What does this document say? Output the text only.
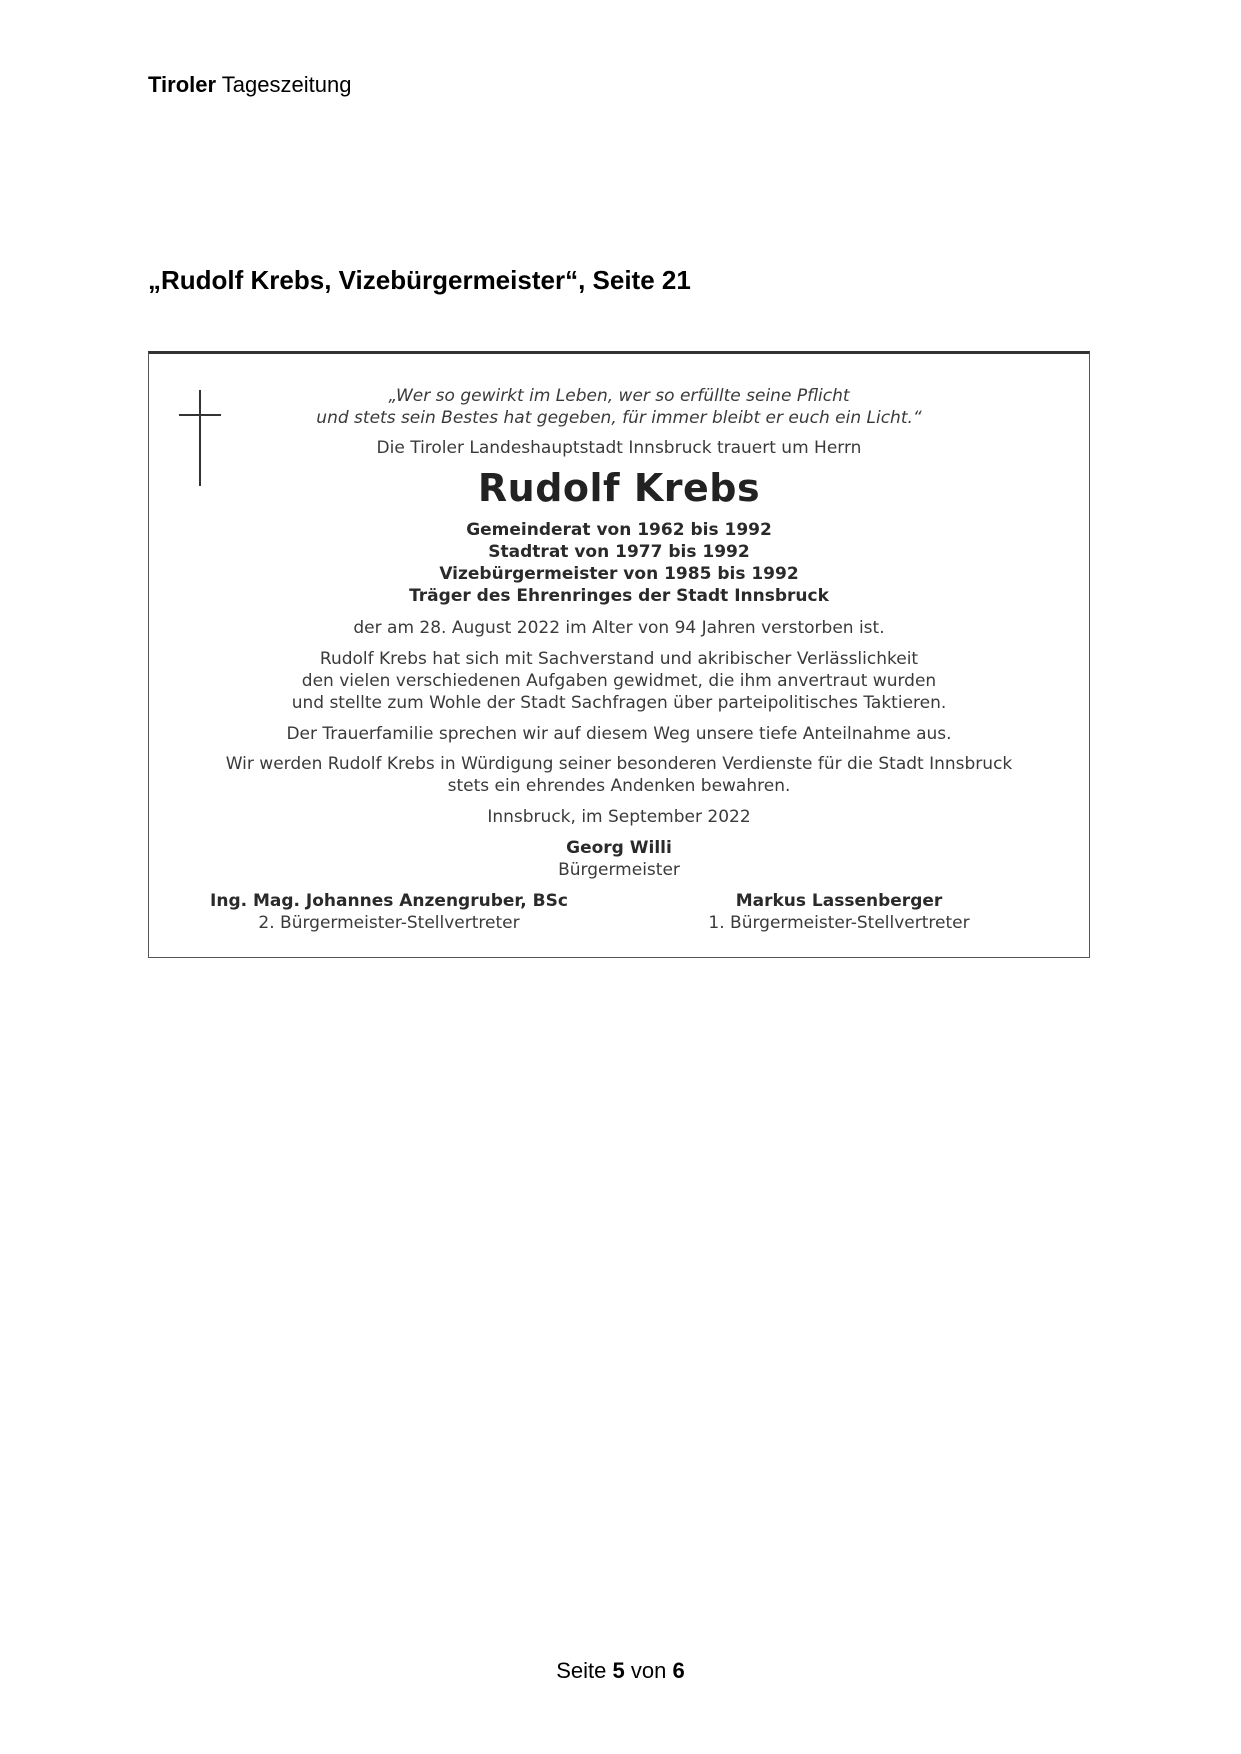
Tiroler Tageszeitung
„Rudolf Krebs, Vizebürgermeister“, Seite 21
„Wer so gewirkt im Leben, wer so erfüllte seine Pflicht
und stets sein Bestes hat gegeben, für immer bleibt er euch ein Licht.“
Die Tiroler Landeshauptstadt Innsbruck trauert um Herrn
Rudolf Krebs
Gemeinderat von 1962 bis 1992
Stadtrat von 1977 bis 1992
Vizebürgermeister von 1985 bis 1992
Träger des Ehrenringes der Stadt Innsbruck
der am 28. August 2022 im Alter von 94 Jahren verstorben ist.
Rudolf Krebs hat sich mit Sachverstand und akribischer Verlässlichkeit
den vielen verschiedenen Aufgaben gewidmet, die ihm anvertraut wurden
und stellte zum Wohle der Stadt Sachfragen über parteipolitisches Taktieren.
Der Trauerfamilie sprechen wir auf diesem Weg unsere tiefe Anteilnahme aus.
Wir werden Rudolf Krebs in Würdigung seiner besonderen Verdienste für die Stadt Innsbruck
stets ein ehrendes Andenken bewahren.
Innsbruck, im September 2022
Georg Willi
Bürgermeister
Ing. Mag. Johannes Anzengruber, BSc
2. Bürgermeister-Stellvertreter
Markus Lassenberger
1. Bürgermeister-Stellvertreter
Seite 5 von 6
